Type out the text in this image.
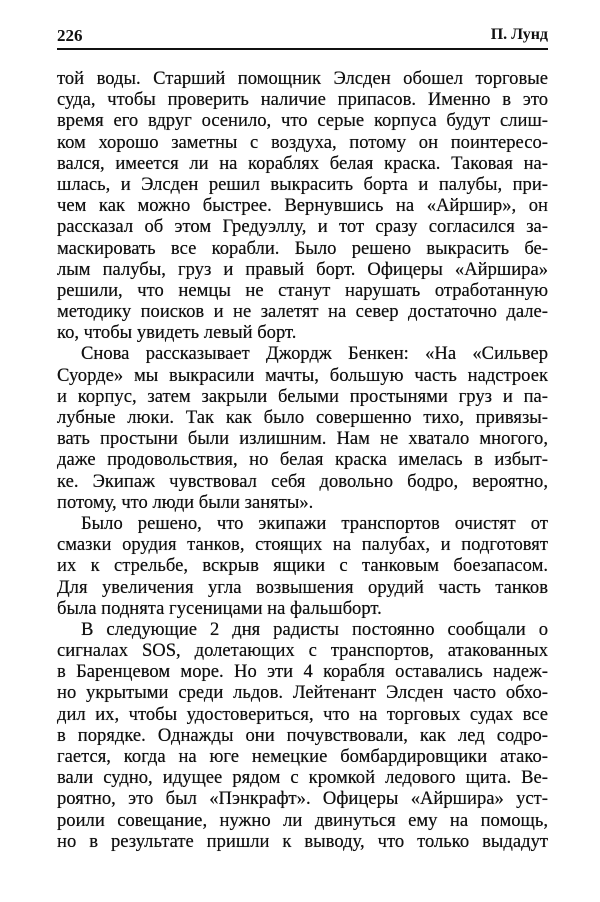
226	П. Лунд
той воды. Старший помощник Элсден обошел торговые
суда, чтобы проверить наличие припасов. Именно в это
время его вдруг осенило, что серые корпуса будут слиш-
ком хорошо заметны с воздуха, потому он поинтересо-
вался, имеется ли на кораблях белая краска. Таковая на-
шлась, и Элсден решил выкрасить борта и палубы, при-
чем как можно быстрее. Вернувшись на «Айршир», он
рассказал об этом Гредуэллу, и тот сразу согласился за-
маскировать все корабли. Было решено выкрасить бе-
лым палубы, груз и правый борт. Офицеры «Айршира»
решили, что немцы не станут нарушать отработанную
методику поисков и не залетят на север достаточно дале-
ко, чтобы увидеть левый борт.
Снова рассказывает Джордж Бенкен: «На «Сильвер
Суорде» мы выкрасили мачты, большую часть надстроек
и корпус, затем закрыли белыми простынями груз и па-
лубные люки. Так как было совершенно тихо, привязы-
вать простыни были излишним. Нам не хватало многого,
даже продовольствия, но белая краска имелась в избыт-
ке. Экипаж чувствовал себя довольно бодро, вероятно,
потому, что люди были заняты».
Было решено, что экипажи транспортов очистят от
смазки орудия танков, стоящих на палубах, и подготовят
их к стрельбе, вскрыв ящики с танковым боезапасом.
Для увеличения угла возвышения орудий часть танков
была поднята гусеницами на фальшборт.
В следующие 2 дня радисты постоянно сообщали о
сигналах SOS, долетающих с транспортов, атакованных
в Баренцевом море. Но эти 4 корабля оставались надеж-
но укрытыми среди льдов. Лейтенант Элсден часто обхо-
дил их, чтобы удостовериться, что на торговых судах все
в порядке. Однажды они почувствовали, как лед содро-
гается, когда на юге немецкие бомбардировщики атако-
вали судно, идущее рядом с кромкой ледового щита. Ве-
роятно, это был «Пэнкрафт». Офицеры «Айршира» уст-
роили совещание, нужно ли двинуться ему на помощь,
но в результате пришли к выводу, что только выдадут
